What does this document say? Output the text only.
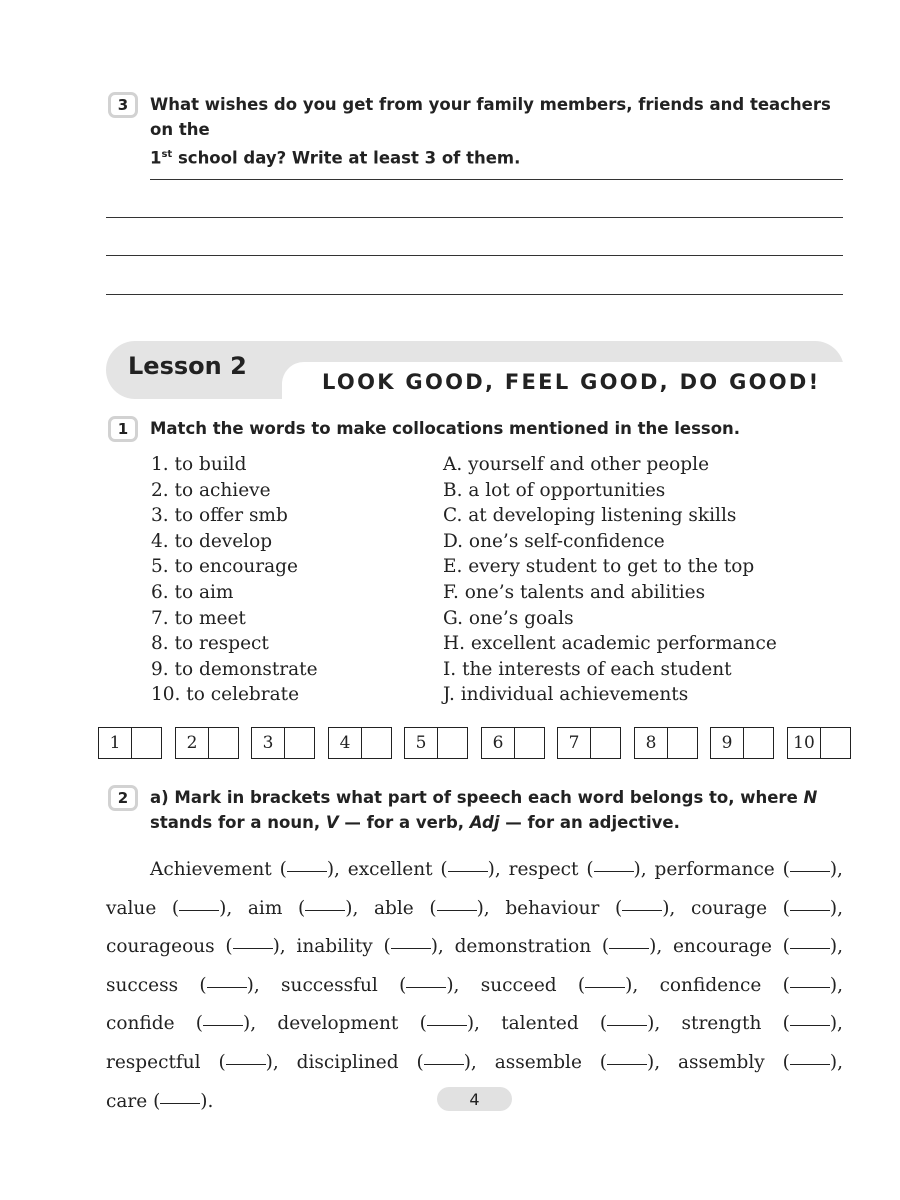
3 What wishes do you get from your family members, friends and teachers on the
1st school day? Write at least 3 of them.
Lesson 2
LOOK GOOD, FEEL GOOD, DO GOOD!
1 Match the words to make collocations mentioned in the lesson.
1. to build
2. to achieve
3. to offer smb
4. to develop
5. to encourage
6. to aim
7. to meet
8. to respect
9. to demonstrate
10. to celebrate
A. yourself and other people
B. a lot of opportunities
C. at developing listening skills
D. one’s self-confidence
E. every student to get to the top
F. one’s talents and abilities
G. one’s goals
H. excellent academic performance
I. the interests of each student
J. individual achievements
1	2	3	4	5	6	7	8	9	10
2 a) Mark in brackets what part of speech each word belongs to, where N stands for a noun, V — for a verb, Adj — for an adjective.
Achievement ( ), excellent ( ), respect ( ), performance ( ), value ( ), aim ( ), able ( ), behaviour ( ), courage ( ), courageous ( ), inability ( ), demonstration ( ), encourage ( ), success ( ), successful ( ), succeed ( ), confidence ( ), confide ( ), development ( ), talented ( ), strength ( ), respectful ( ), disciplined ( ), assemble ( ), assembly ( ), care ( ).	4
